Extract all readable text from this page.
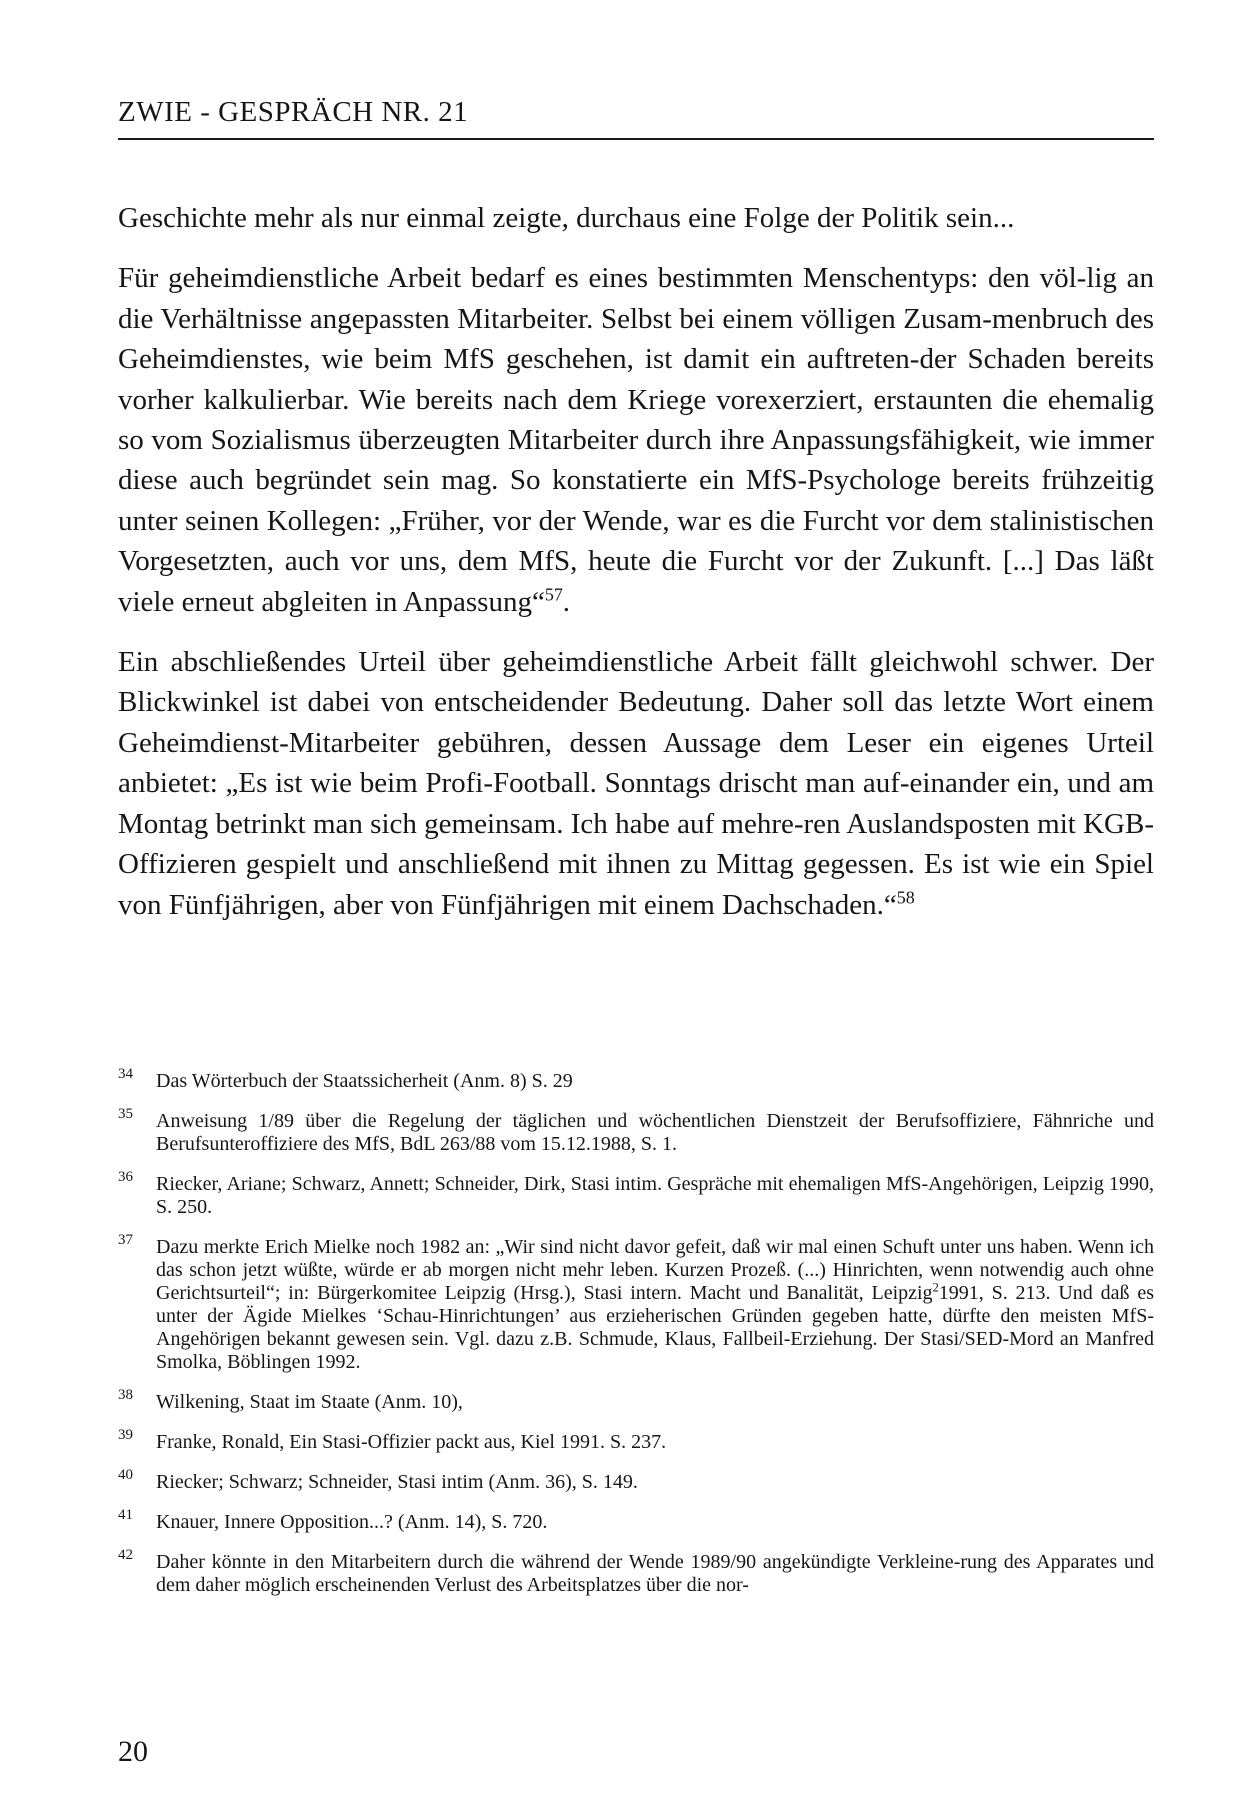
ZWIE - GESPRÄCH NR. 21

Geschichte mehr als nur einmal zeigte, durchaus eine Folge der Politik sein...

Für geheimdienstliche Arbeit bedarf es eines bestimmten Menschentyps: den völ-lig an die Verhältnisse angepassten Mitarbeiter. Selbst bei einem völligen Zusam-menbruch des Geheimdienstes, wie beim MfS geschehen, ist damit ein auftreten-der Schaden bereits vorher kalkulierbar. Wie bereits nach dem Kriege vorexerziert, erstaunten die ehemalig so vom Sozialismus überzeugten Mitarbeiter durch ihre Anpassungsfähigkeit, wie immer diese auch begründet sein mag. So konstatierte ein MfS-Psychologe bereits frühzeitig unter seinen Kollegen: „Früher, vor der Wende, war es die Furcht vor dem stalinistischen Vorgesetzten, auch vor uns, dem MfS, heute die Furcht vor der Zukunft. [...] Das läßt viele erneut abgleiten in Anpassung“$^{57}$.

Ein abschließendes Urteil über geheimdienstliche Arbeit fällt gleichwohl schwer. Der Blickwinkel ist dabei von entscheidender Bedeutung. Daher soll das letzte Wort einem Geheimdienst-Mitarbeiter gebühren, dessen Aussage dem Leser ein eigenes Urteil anbietet: „Es ist wie beim Profi-Football. Sonntags drischt man auf-einander ein, und am Montag betrinkt man sich gemeinsam. Ich habe auf mehre-ren Auslandsposten mit KGB-Offizieren gespielt und anschließend mit ihnen zu Mittag gegessen. Es ist wie ein Spiel von Fünfjährigen, aber von Fünfjährigen mit einem Dachschaden.“$^{58}$

34 Das Wörterbuch der Staatssicherheit (Anm. 8) S. 29
35 Anweisung 1/89 über die Regelung der täglichen und wöchentlichen Dienstzeit der Berufsoffiziere, Fähnriche und Berufsunteroffiziere des MfS, BdL 263/88 vom 15.12.1988, S. 1.
36 Riecker, Ariane; Schwarz, Annett; Schneider, Dirk, Stasi intim. Gespräche mit ehemaligen MfS-Angehörigen, Leipzig 1990, S. 250.
37 Dazu merkte Erich Mielke noch 1982 an: „Wir sind nicht davor gefeit, daß wir mal einen Schuft unter uns haben. Wenn ich das schon jetzt wüßte, würde er ab morgen nicht mehr leben. Kurzen Prozeß. (...) Hinrichten, wenn notwendig auch ohne Gerichtsurteil“; in: Bürgerkomitee Leipzig (Hrsg.), Stasi intern. Macht und Banalität, Leipzig$^2$1991, S. 213. Und daß es unter der Ägide Mielkes ‘Schau-Hinrichtungen’ aus erzieherischen Gründen gegeben hatte, dürfte den meisten MfS-Angehörigen bekannt gewesen sein. Vgl. dazu z.B. Schmude, Klaus, Fallbeil-Erziehung. Der Stasi/SED-Mord an Manfred Smolka, Böblingen 1992.
38 Wilkening, Staat im Staate (Anm. 10),
39 Franke, Ronald, Ein Stasi-Offizier packt aus, Kiel 1991. S. 237.
40 Riecker; Schwarz; Schneider, Stasi intim (Anm. 36), S. 149.
41 Knauer, Innere Opposition...? (Anm. 14), S. 720.
42 Daher könnte in den Mitarbeitern durch die während der Wende 1989/90 angekündigte Verkleine-rung des Apparates und dem daher möglich erscheinenden Verlust des Arbeitsplatzes über die nor-
20
